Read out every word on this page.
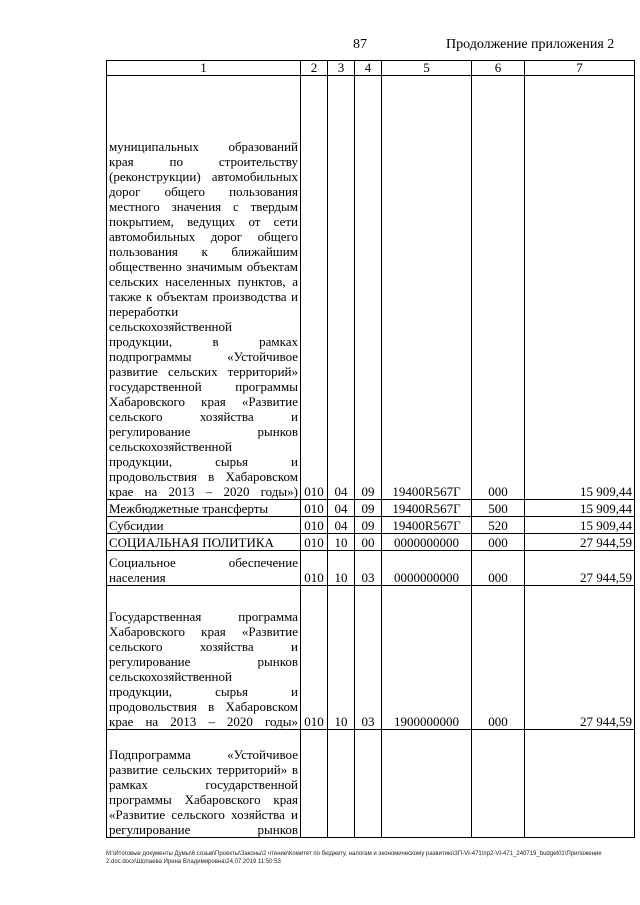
87	Продолжение приложения 2
1	2	3	4	5	6	7
муниципальных образований края по строительству (реконструкции) автомобильных дорог общего пользования местного значения с твердым покрытием, ведущих от сети автомобильных дорог общего пользования к ближайшим общественно значимым объектам сельских населенных пунктов, а также к объектам производства и переработки сельскохозяйственной продукции, в рамках подпрограммы «Устойчивое развитие сельских территорий» государственной программы Хабаровского края «Развитие сельского хозяйства и регулирование рынков сельскохозяйственной продукции, сырья и продовольствия в Хабаровском крае на 2013 – 2020 годы»)	010	04	09	19400R567Г	000	15 909,44
Межбюджетные трансферты	010	04	09	19400R567Г	500	15 909,44
Субсидии	010	04	09	19400R567Г	520	15 909,44
СОЦИАЛЬНАЯ ПОЛИТИКА	010	10	00	0000000000	000	27 944,59
Социальное обеспечение населения	010	10	03	0000000000	000	27 944,59
Государственная программа Хабаровского края «Развитие сельского хозяйства и регулирование рынков сельскохозяйственной продукции, сырья и продовольствия в Хабаровском крае на 2013 – 2020 годы»	010	10	03	1900000000	000	27 944,59
Подпрограмма «Устойчивое развитие сельских территорий» в рамках государственной программы Хабаровского края «Развитие сельского хозяйства и регулирование рынков						
М:\Итоговые документы Думы\6 созыв\Проекты\Законы\2 чтение\Комитет по бюджету, налогам и экономическому развитию\ЗП-VI-471\пр2-VI-471_240719_budget01\Приложение 2.doc.docx\Шопаева Ирина Владимировна\24.07.2019 11:50:53
